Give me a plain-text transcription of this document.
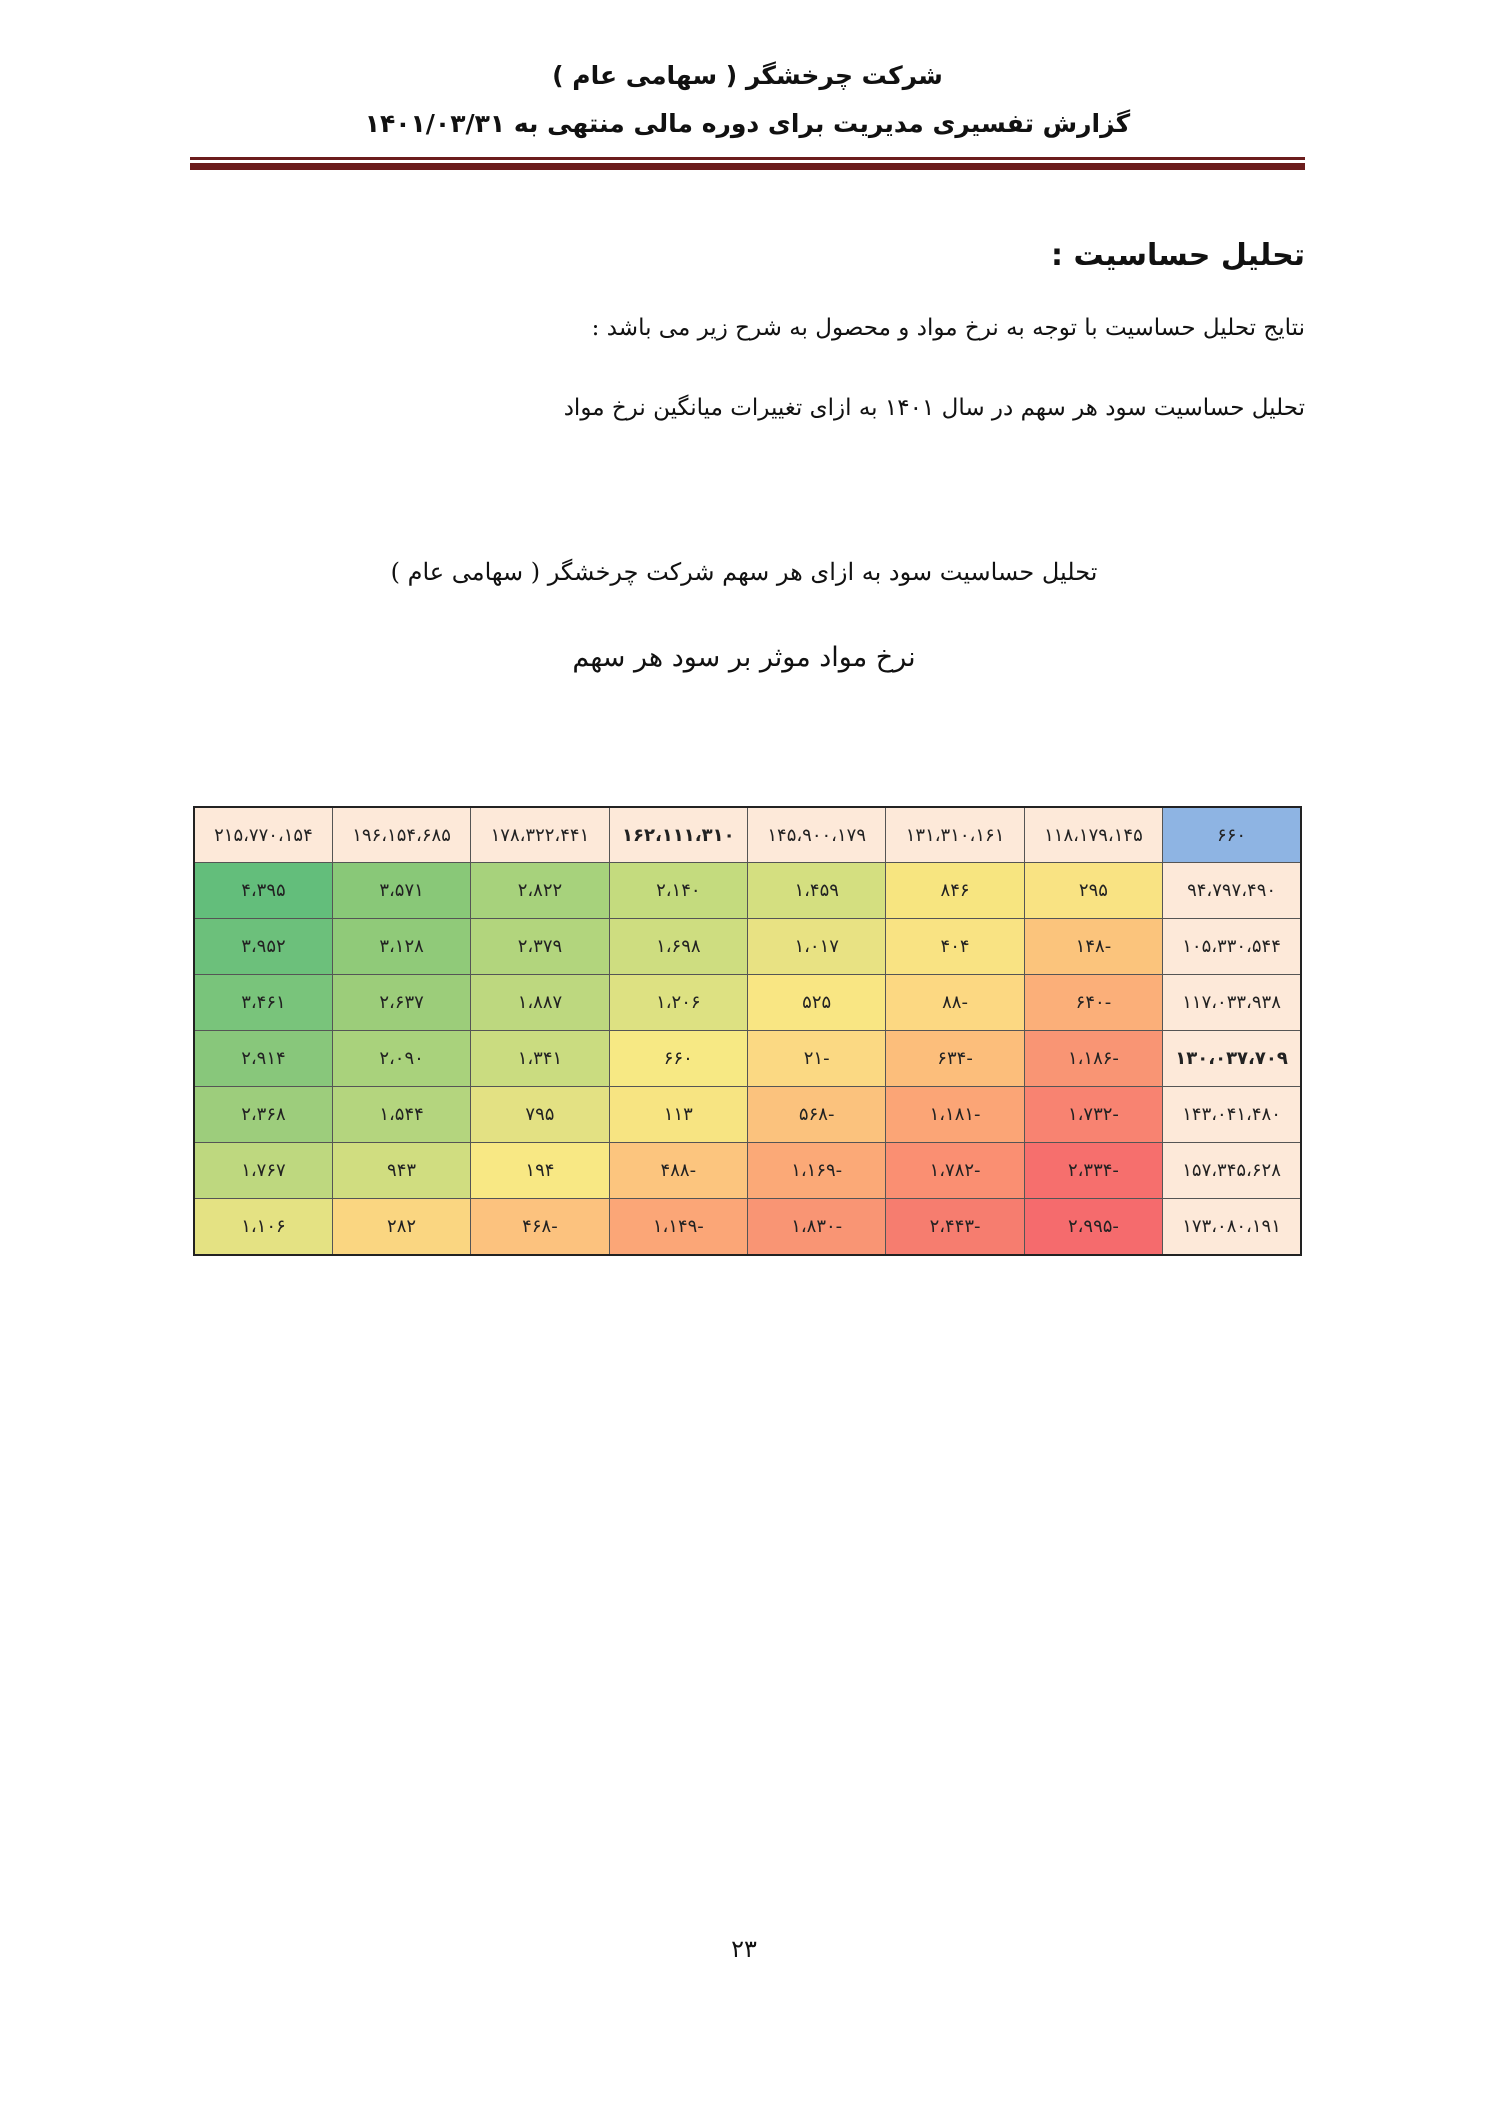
شرکت چرخشگر ( سهامی عام )
گزارش تفسیری مدیریت برای دوره مالی منتهی به ۱۴۰۱/۰۳/۳۱
تحلیل حساسیت :
نتایج تحلیل حساسیت با توجه به نرخ مواد و محصول به شرح زیر می باشد :
تحلیل حساسیت سود هر سهم در سال ۱۴۰۱ به ازای تغییرات میانگین نرخ مواد
تحلیل حساسیت سود به ازای هر سهم شرکت چرخشگر ( سهامی عام )
نرخ مواد موثر بر سود هر سهم
۶۶۰	۱۱۸،۱۷۹،۱۴۵	۱۳۱،۳۱۰،۱۶۱	۱۴۵،۹۰۰،۱۷۹	۱۶۲،۱۱۱،۳۱۰	۱۷۸،۳۲۲،۴۴۱	۱۹۶،۱۵۴،۶۸۵	۲۱۵،۷۷۰،۱۵۴
۹۴،۷۹۷،۴۹۰	۲۹۵	۸۴۶	۱،۴۵۹	۲،۱۴۰	۲،۸۲۲	۳،۵۷۱	۴،۳۹۵
۱۰۵،۳۳۰،۵۴۴	-۱۴۸	۴۰۴	۱،۰۱۷	۱،۶۹۸	۲،۳۷۹	۳،۱۲۸	۳،۹۵۲
۱۱۷،۰۳۳،۹۳۸	-۶۴۰	-۸۸	۵۲۵	۱،۲۰۶	۱،۸۸۷	۲،۶۳۷	۳،۴۶۱
۱۳۰،۰۳۷،۷۰۹	-۱،۱۸۶	-۶۳۴	-۲۱	۶۶۰	۱،۳۴۱	۲،۰۹۰	۲،۹۱۴
۱۴۳،۰۴۱،۴۸۰	-۱،۷۳۲	-۱،۱۸۱	-۵۶۸	۱۱۳	۷۹۵	۱،۵۴۴	۲،۳۶۸
۱۵۷،۳۴۵،۶۲۸	-۲،۳۳۴	-۱،۷۸۲	-۱،۱۶۹	-۴۸۸	۱۹۴	۹۴۳	۱،۷۶۷
۱۷۳،۰۸۰،۱۹۱	-۲،۹۹۵	-۲،۴۴۳	-۱،۸۳۰	-۱،۱۴۹	-۴۶۸	۲۸۲	۱،۱۰۶
۲۳
